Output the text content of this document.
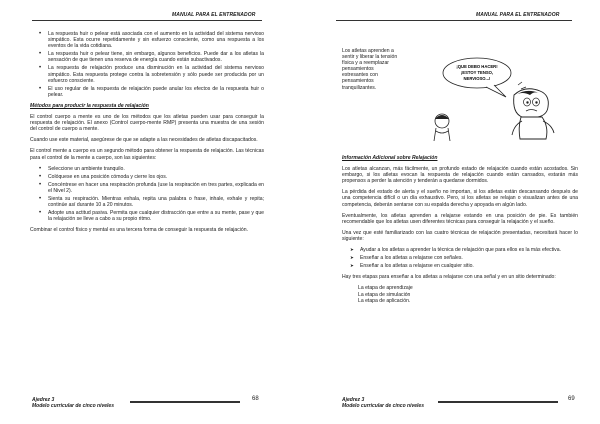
MANUAL PARA EL ENTRENADOR
• La respuesta huir o pelear está asociada con el aumento en la actividad del sistema nervioso simpático. Esta ocurre repetidamente y sin esfuerzo consciente, como una respuesta a los eventos de la vida cotidiana.
• La respuesta huir o pelear tiene, sin embargo, algunos beneficios. Puede dar a los atletas la sensación de que tienen una reserva de energía cuando están subactivados.
• La respuesta de relajación produce una disminución en la actividad del sistema nervioso simpático. Esta respuesta protege contra la sobretensión y sólo puede ser producida por un esfuerzo consciente.
• El uso regular de la respuesta de relajación puede anular los efectos de la respuesta huir o pelear.
Métodos para producir la respuesta de relajación

El control cuerpo a mente es uno de los métodos que los atletas pueden usar para conseguir la respuesta de relajación. El anexo (Control cuerpo-mente RMP) presenta una muestra de una sesión del control de cuerpo a mente.

Cuando use este material, asegúrese de que se adapte a las necesidades de atletas discapacitados.

El control mente a cuerpo es un segundo método para obtener la respuesta de relajación. Las técnicas para el control de la mente a cuerpo, son las siguientes:

• Seleccione un ambiente tranquilo.
• Colóquese en una posición cómoda y cierre los ojos.
• Concéntrese en hacer una respiración profunda (use la respiración en tres partes, explicada en el Nivel 2).
• Sienta su respiración. Mientras exhala, repita una palabra o frase, inhale, exhale y repita; continúe así durante 10 a 20 minutos.
• Adopte una actitud pasiva. Permita que cualquier distracción que entre a su mente, pase y que la relajación se lleve a cabo a su propio ritmo.

Combinar el control físico y mental es una tercera forma de conseguir la respuesta de relajación.

Ajedrez 3
Modelo curricular de cinco niveles
68
MANUAL PARA EL ENTRENADOR
Los atletas aprenden a
sentir y liberar la tensión
física y a reemplazar
pensamientos
estresantes con
pensamientos
tranquilizantes.
Información Adicional sobre Relajación

Los atletas alcanzan, más fácilmente, un profundo estado de relajación cuando están acostados. Sin embargo, si los atletas evocan la respuesta de relajación cuando están cansados, estarán más propensos a perder la atención y tenderán a quedarse dormidos.

La pérdida del estado de alerta y el sueño no importan, si los atletas están descansando después de una competencia difícil o un día exhaustivo. Pero, si los atletas se relajan o visualizan antes de una competencia, deberán sentarse con su espalda derecha y apoyada en algún lado.

Eventualmente, los atletas aprenden a relajarse estando en una posición de pie. Es también recomendable que los atletas usen diferentes técnicas para conseguir la relajación y el sueño.

Una vez que esté familiarizado con las cuatro técnicas de relajación presentadas, necesitará hacer lo siguiente:

➤ Ayudar a los atletas a aprender la técnica de relajación que para ellos es la más efectiva.
➤ Enseñar a los atletas a relajarse con señales.
➤ Enseñar a los atletas a relajarse en cualquier sitio.

Hay tres etapas para enseñar a los atletas a relajarse con una señal y en un sitio determinado:

La etapa de aprendizaje
La etapa de simulación
La etapa de aplicación.
Ajedrez 3
Modelo curricular de cinco niveles
69
¡QUE DEBO HACER!
¡ESTOY TENSO,
NERVIOSO...!
